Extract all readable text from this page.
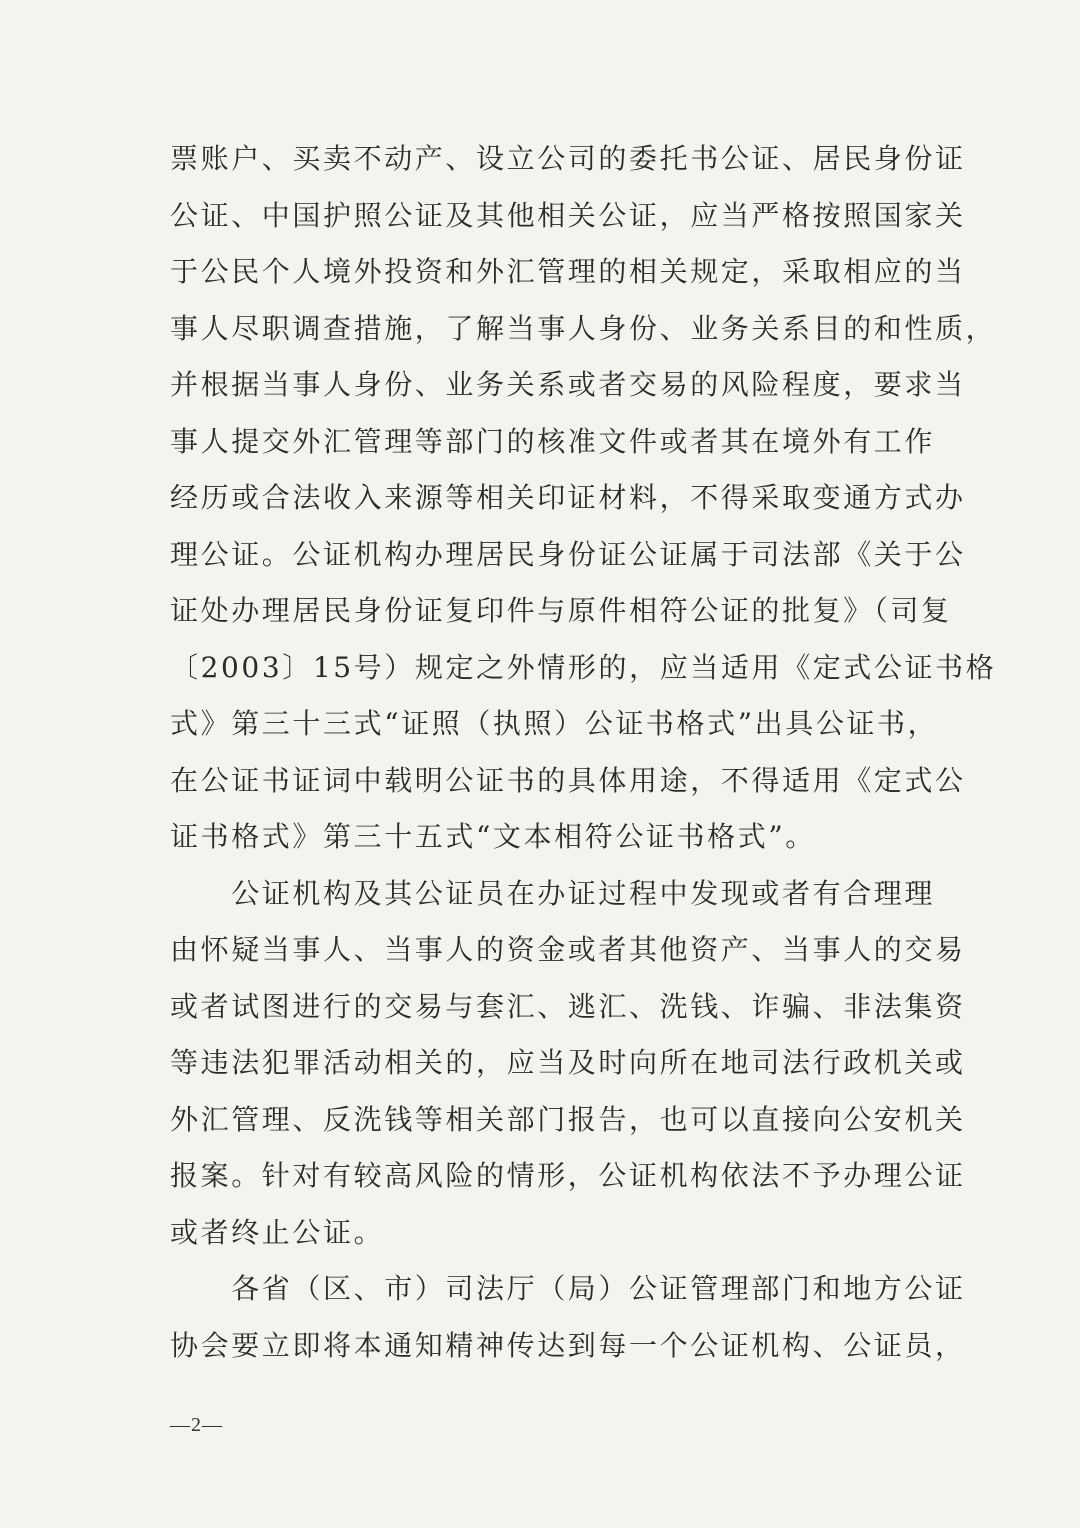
票账户、买卖不动产、设立公司的委托书公证、居民身份证
公证、中国护照公证及其他相关公证，应当严格按照国家关
于公民个人境外投资和外汇管理的相关规定，采取相应的当
事人尽职调查措施，了解当事人身份、业务关系目的和性质，
并根据当事人身份、业务关系或者交易的风险程度，要求当
事人提交外汇管理等部门的核准文件或者其在境外有工作
经历或合法收入来源等相关印证材料，不得采取变通方式办
理公证。公证机构办理居民身份证公证属于司法部《关于公
证处办理居民身份证复印件与原件相符公证的批复》（司复
〔2003〕15号）规定之外情形的，应当适用《定式公证书格
式》第三十三式“证照（执照）公证书格式”出具公证书，
在公证书证词中载明公证书的具体用途，不得适用《定式公
证书格式》第三十五式“文本相符公证书格式”。

　　公证机构及其公证员在办证过程中发现或者有合理理
由怀疑当事人、当事人的资金或者其他资产、当事人的交易
或者试图进行的交易与套汇、逃汇、洗钱、诈骗、非法集资
等违法犯罪活动相关的，应当及时向所在地司法行政机关或
外汇管理、反洗钱等相关部门报告，也可以直接向公安机关
报案。针对有较高风险的情形，公证机构依法不予办理公证
或者终止公证。

　　各省（区、市）司法厅（局）公证管理部门和地方公证
协会要立即将本通知精神传达到每一个公证机构、公证员，

—2—
